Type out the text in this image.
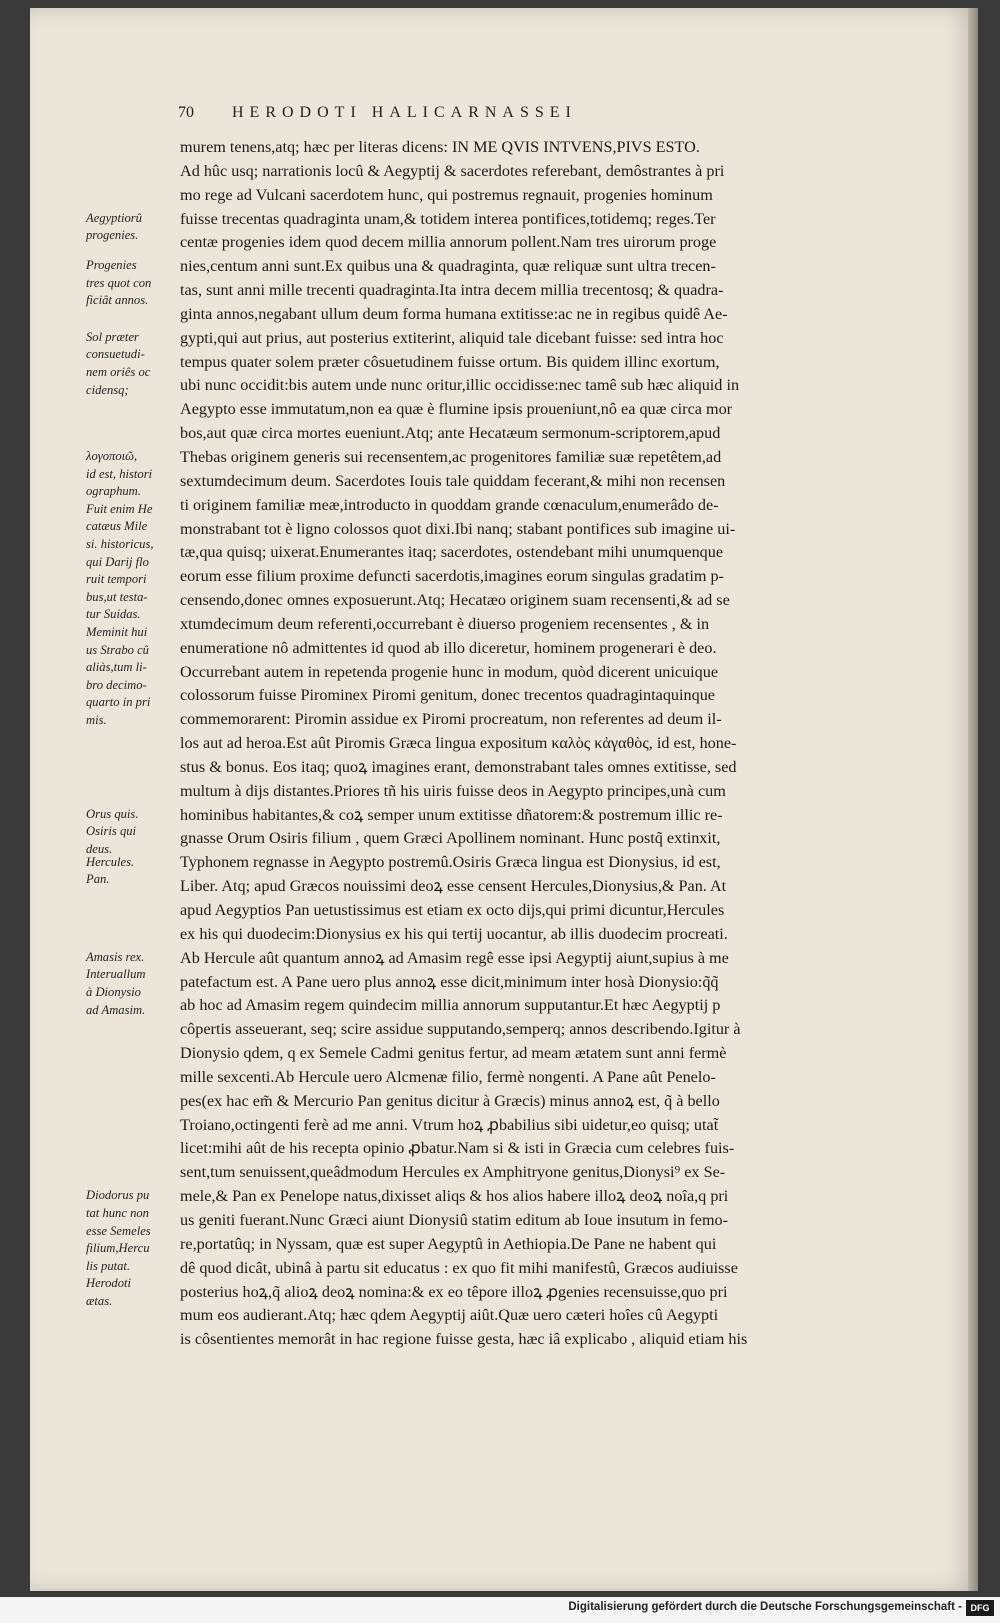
70 HERODOTI HALICARNASSEI
Aegyptiorû
progenies.
Progenies
tres quot con
ficiât annos.
Sol præter
consuetudi-
nem oriês oc
cidensq;
λογοποιῶ,
id est, histori
ographum.
Fuit enim He
catæus Mile
si. historicus,
qui Darij flo
ruit tempori
bus,ut testa-
tur Suidas.
Meminit hui
us Strabo cû
aliàs,tum li-
bro decimo-
quarto in pri
mis.
Orus quis.
Osiris qui
deus.
Hercules.
Pan.
Amasis rex.
Interuallum
à Dionysio
ad Amasim.
Diodorus pu
tat hunc non
esse Semeles
filium,Hercu
lis putat.
Herodoti
ætas.
murem tenens,atq; hæc per literas dicens: IN ME QVIS INTVENS,PIVS ESTO.
Ad hûc usq; narrationis locû & Aegyptij & sacerdotes referebant, demôstrantes à pri
mo rege ad Vulcani sacerdotem hunc, qui postremus regnauit, progenies hominum
fuisse trecentas quadraginta unam,& totidem interea pontifices,totidemq; reges.Ter
centæ progenies idem quod decem millia annorum pollent.Nam tres uirorum proge
nies,centum anni sunt.Ex quibus una & quadraginta, quæ reliquæ sunt ultra trecen-
tas, sunt anni mille trecenti quadraginta.Ita intra decem millia trecentosq; & quadra-
ginta annos,negabant ullum deum forma humana extitisse:ac ne in regibus quidê Ae-
gypti,qui aut prius, aut posterius extiterint, aliquid tale dicebant fuisse: sed intra hoc
tempus quater solem præter côsuetudinem fuisse ortum. Bis quidem illinc exortum,
ubi nunc occidit:bis autem unde nunc oritur,illic occidisse:nec tamê sub hæc aliquid in
Aegypto esse immutatum,non ea quæ è flumine ipsis proueniunt,nô ea quæ circa mor
bos,aut quæ circa mortes eueniunt.Atq; ante Hecatæum sermonum-scriptorem,apud
Thebas originem generis sui recensentem,ac progenitores familiæ suæ repetêtem,ad
sextumdecimum deum. Sacerdotes Iouis tale quiddam fecerant,& mihi non recensen
ti originem familiæ meæ,introducto in quoddam grande cœnaculum,enumerâdo de-
monstrabant tot è ligno colossos quot dixi.Ibi nanq; stabant pontifices sub imagine ui-
tæ,qua quisq; uixerat.Enumerantes itaq; sacerdotes, ostendebant mihi unumquenque
eorum esse filium proxime defuncti sacerdotis,imagines eorum singulas gradatim p-
censendo,donec omnes exposuerunt.Atq; Hecatæo originem suam recensenti,& ad se
xtumdecimum deum referenti,occurrebant è diuerso progeniem recensentes , & in
enumeratione nô admittentes id quod ab illo diceretur, hominem progenerari è deo.
Occurrebant autem in repetenda progenie hunc in modum, quòd dicerent unicuique
colossorum fuisse Pirominex Piromi genitum, donec trecentos quadragintaquinque
commemorarent: Piromin assidue ex Piromi procreatum, non referentes ad deum il-
los aut ad heroa.Est aût Piromis Græca lingua expositum καλὸς κἀγαθὸς, id est, hone-
stus & bonus. Eos itaq; quoꝝ imagines erant, demonstrabant tales omnes extitisse, sed
multum à dijs distantes.Priores tñ his uiris fuisse deos in Aegypto principes,unà cum
hominibus habitantes,& coꝝ semper unum extitisse dñatorem:& postremum illic re-
gnasse Orum Osiris filium , quem Græci Apollinem nominant. Hunc postq̃ extinxit,
Typhonem regnasse in Aegypto postremû.Osiris Græca lingua est Dionysius, id est,
Liber. Atq; apud Græcos nouissimi deoꝝ esse censent Hercules,Dionysius,& Pan. At
apud Aegyptios Pan uetustissimus est etiam ex octo dijs,qui primi dicuntur,Hercules
ex his qui duodecim:Dionysius ex his qui tertij uocantur, ab illis duodecim procreati.
Ab Hercule aût quantum annoꝝ ad Amasim regê esse ipsi Aegyptij aiunt,supius à me
patefactum est. A Pane uero plus annoꝝ esse dicit,minimum inter hosà Dionysio:q̃q̃
ab hoc ad Amasim regem quindecim millia annorum supputantur.Et hæc Aegyptij p
côpertis asseuerant, seq; scire assidue supputando,semperq; annos describendo.Igitur à
Dionysio qdem, q ex Semele Cadmi genitus fertur, ad meam ætatem sunt anni fermè
mille sexcenti.Ab Hercule uero Alcmenæ filio, fermè nongenti. A Pane aût Penelo-
pes(ex hac em̃ & Mercurio Pan genitus dicitur à Græcis) minus annoꝝ est, q̃ à bello
Troiano,octingenti ferè ad me anni. Vtrum hoꝝ ꝓbabilius sibi uidetur,eo quisq; utat̃
licet:mihi aût de his recepta opinio ꝓbatur.Nam si & isti in Græcia cum celebres fuis-
sent,tum senuissent,queâdmodum Hercules ex Amphitryone genitus,Dionysi⁹ ex Se-
mele,& Pan ex Penelope natus,dixisset aliqs & hos alios habere illoꝝ deoꝝ noîa,q pri
us geniti fuerant.Nunc Græci aiunt Dionysiû statim editum ab Ioue insutum in femo-
re,portatûq; in Nyssam, quæ est super Aegyptû in Aethiopia.De Pane ne habent qui
dê quod dicât, ubinâ à partu sit educatus : ex quo fit mihi manifestû, Græcos audiuisse
posterius hoꝝ,q̃ alioꝝ deoꝝ nomina:& ex eo têpore illoꝝ ꝓgenies recensuisse,quo pri
mum eos audierant.Atq; hæc qdem Aegyptij aiût.Quæ uero cæteri hoîes cû Aegypti
is côsentientes memorât in hac regione fuisse gesta, hæc iâ explicabo , aliquid etiam his
Digitalisierung gefördert durch die Deutsche Forschungsgemeinschaft - DFG
